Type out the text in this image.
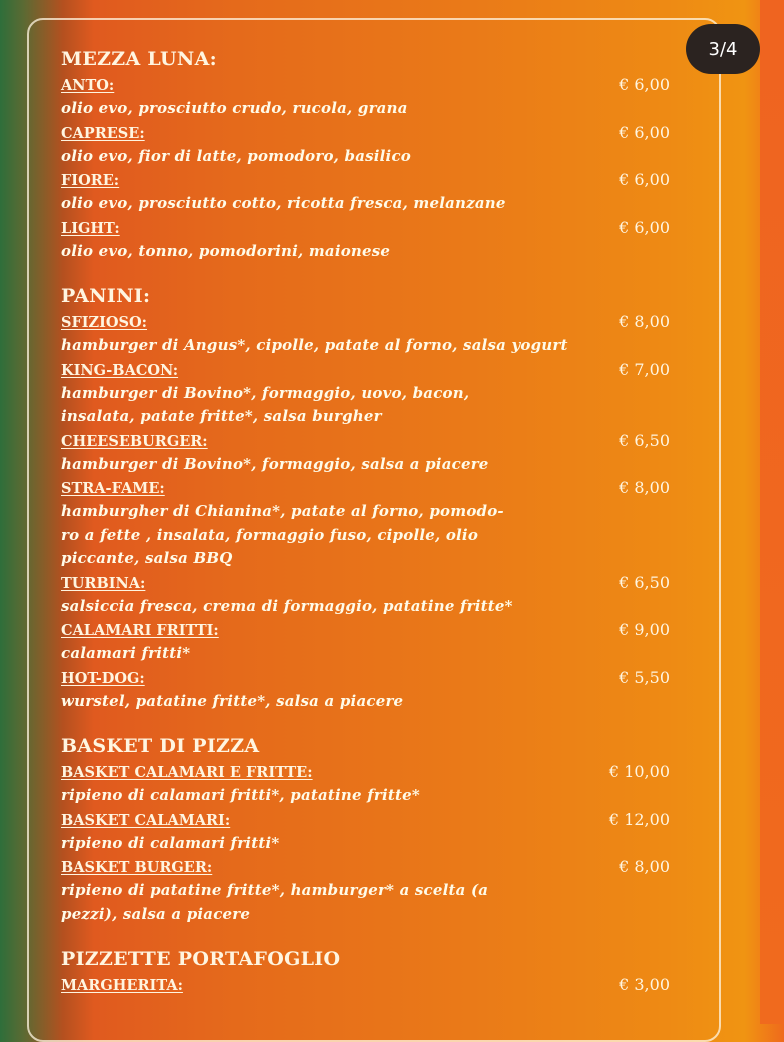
3/4
MEZZA LUNA:
ANTO:	€ 6,00
olio evo, prosciutto crudo, rucola, grana
CAPRESE:	€ 6,00
olio evo, fior di latte, pomodoro, basilico
FIORE:	€ 6,00
olio evo, prosciutto cotto, ricotta fresca, melanzane
LIGHT:	€ 6,00
olio evo, tonno, pomodorini, maionese
PANINI:
SFIZIOSO:	€ 8,00
hamburger di Angus*, cipolle, patate al forno, salsa yogurt
KING-BACON:	€ 7,00
hamburger di Bovino*, formaggio, uovo, bacon,
insalata, patate fritte*, salsa burgher
CHEESEBURGER:	€ 6,50
hamburger di Bovino*, formaggio, salsa a piacere
STRA-FAME:	€ 8,00
hamburgher di Chianina*, patate al forno, pomodo-
ro a fette , insalata, formaggio fuso, cipolle, olio
piccante, salsa BBQ
TURBINA:	€ 6,50
salsiccia fresca, crema di formaggio, patatine fritte*
CALAMARI FRITTI:	€ 9,00
calamari fritti*
HOT-DOG:	€ 5,50
wurstel, patatine fritte*, salsa a piacere
BASKET DI PIZZA
BASKET CALAMARI E FRITTE:	€ 10,00
ripieno di calamari fritti*, patatine fritte*
BASKET CALAMARI:	€ 12,00
ripieno di calamari fritti*
BASKET BURGER:	€ 8,00
ripieno di patatine fritte*, hamburger* a scelta (a
pezzi), salsa a piacere
PIZZETTE PORTAFOGLIO
MARGHERITA:	€ 3,00
